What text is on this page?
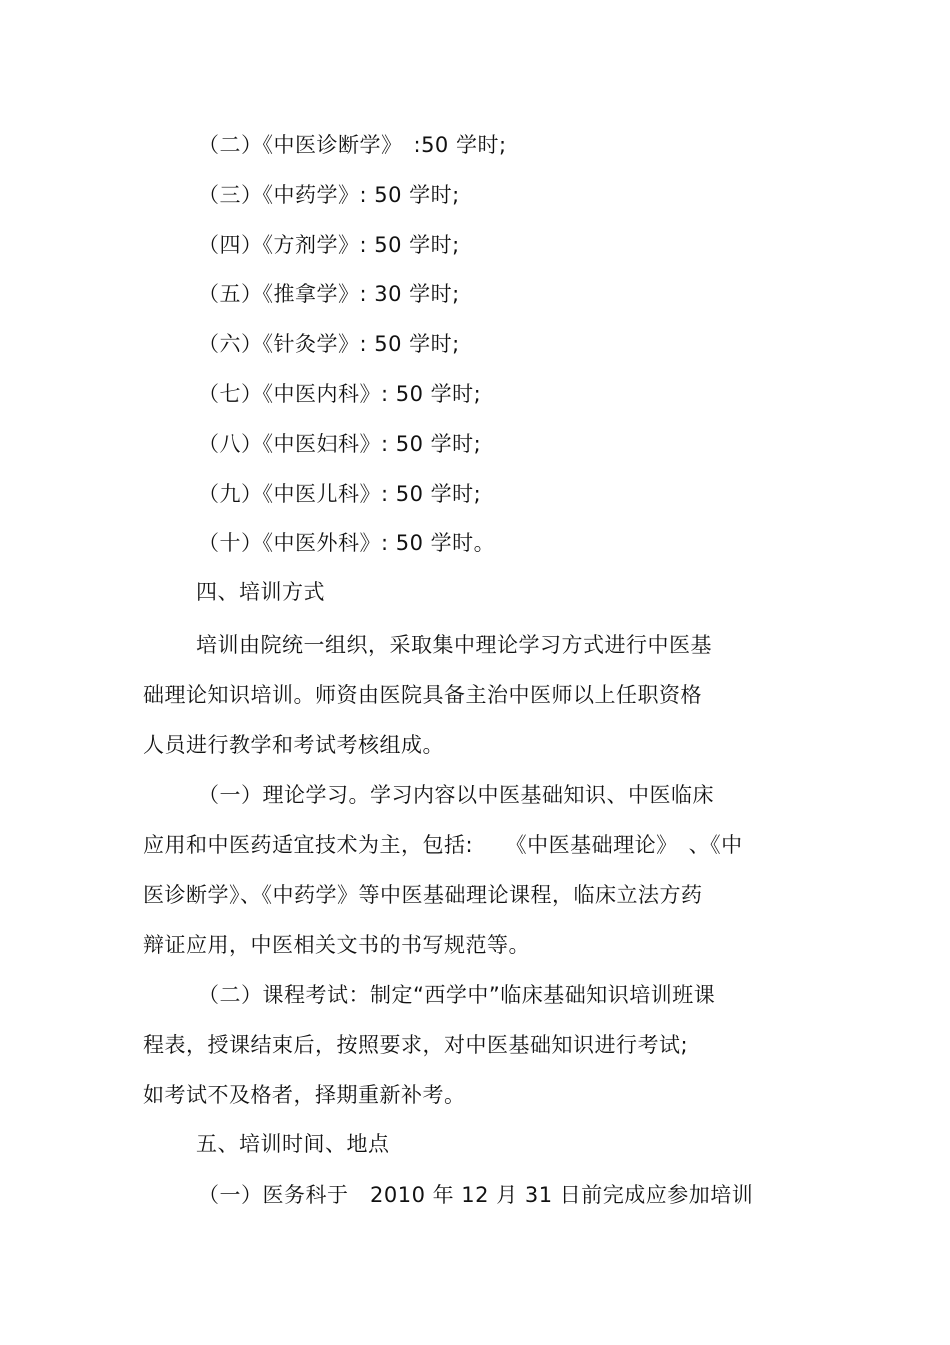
（二）《中医诊断学》　:50 学时;
（三）《中药学》: 50 学时;
（四）《方剂学》: 50 学时;
（五）《推拿学》: 30 学时;
（六）《针灸学》: 50 学时;
（七）《中医内科》: 50 学时;
（八）《中医妇科》: 50 学时;
（九）《中医儿科》: 50 学时;
（十）《中医外科》: 50 学时。
四、培训方式
培训由院统一组织，采取集中理论学习方式进行中医基
础理论知识培训。师资由医院具备主治中医师以上任职资格
人员进行教学和考试考核组成。
（一）理论学习。学习内容以中医基础知识、中医临床
应用和中医药适宜技术为主，包括:　　《中医基础理论》　、《中
医诊断学》、《中药学》等中医基础理论课程，临床立法方药
辩证应用，中医相关文书的书写规范等。
（二）课程考试：制定“西学中”临床基础知识培训班课
程表，授课结束后，按照要求，对中医基础知识进行考试;
如考试不及格者，择期重新补考。
五、培训时间、地点
（一）医务科于　2010 年 12 月 31 日前完成应参加培训
